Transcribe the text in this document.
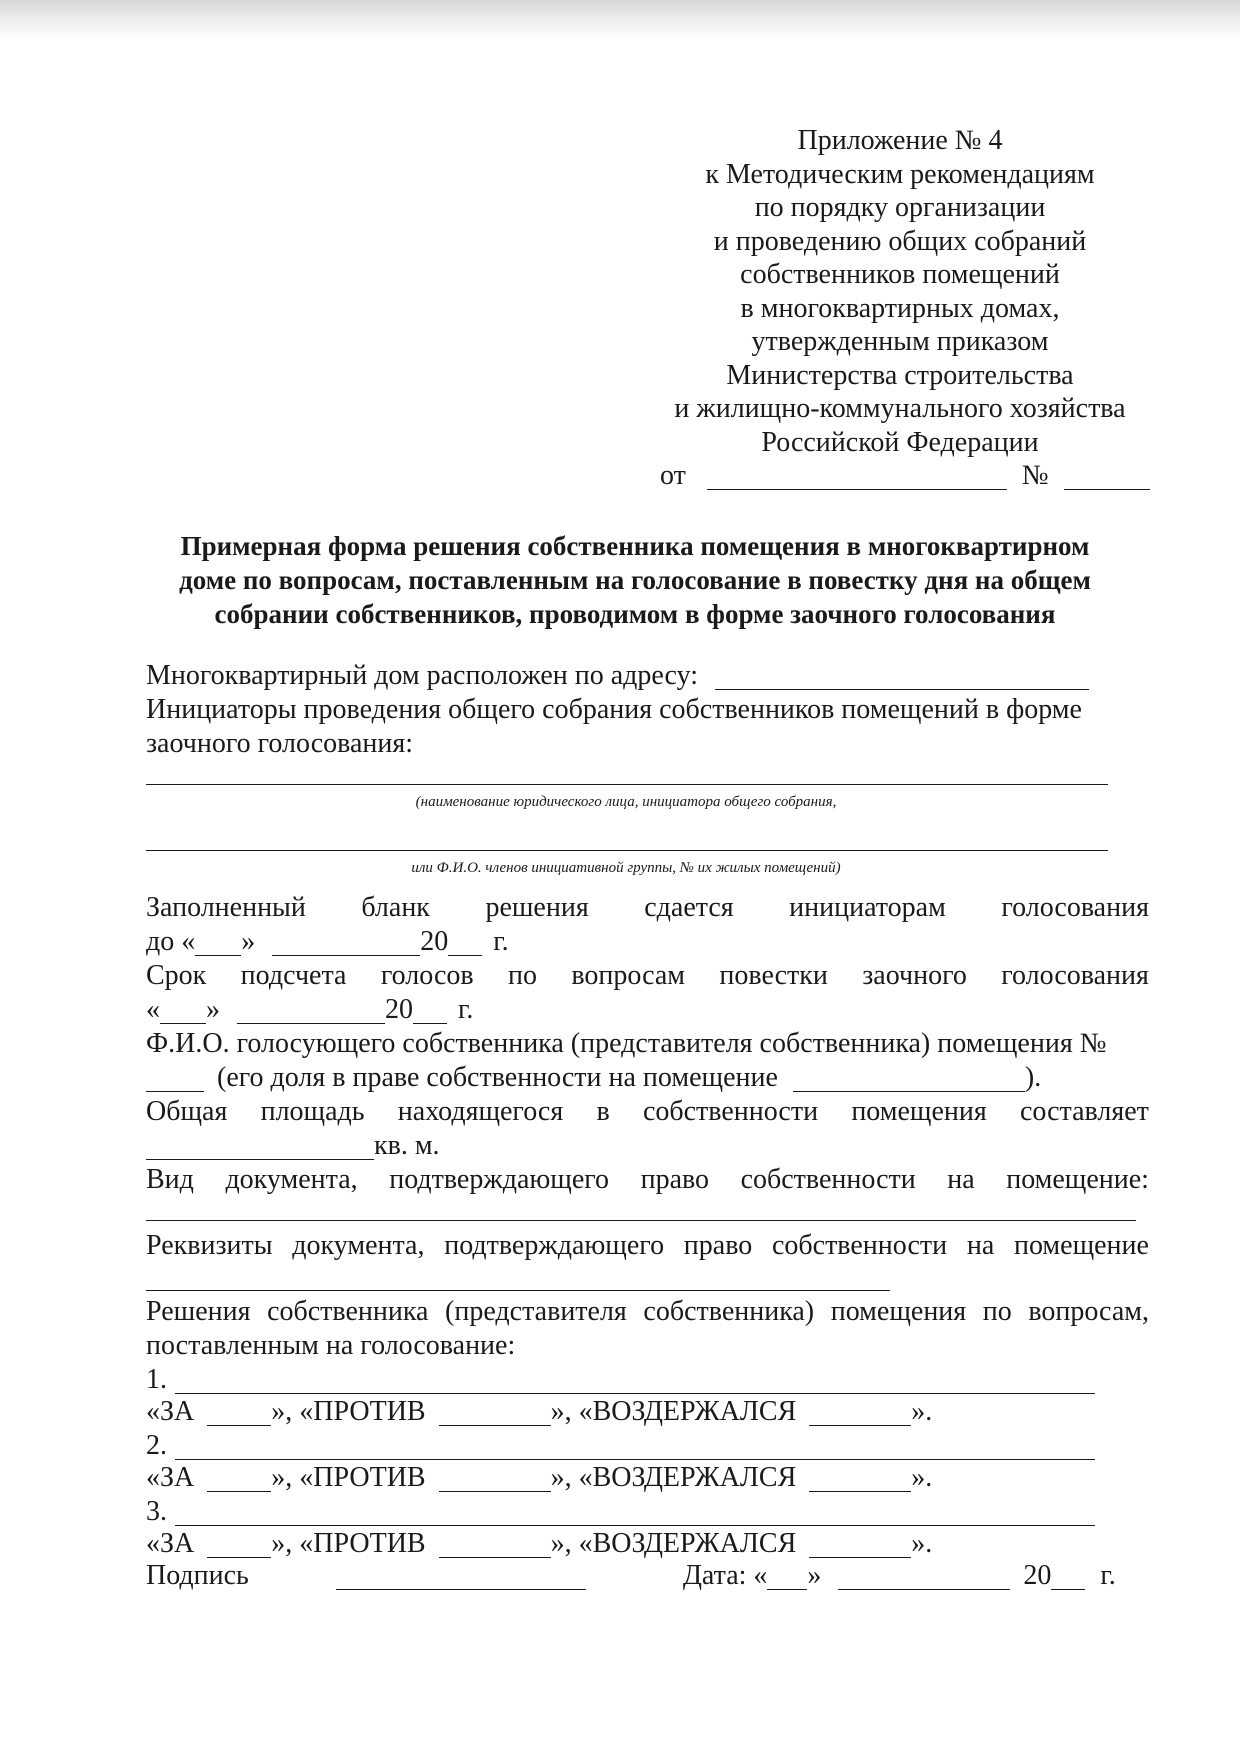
Приложение № 4
к Методическим рекомендациям
по порядку организации
и проведению общих собраний
собственников помещений
в многоквартирных домах,
утвержденным приказом
Министерства строительства
и жилищно-коммунального хозяйства
Российской Федерации
от	№
Примерная форма решения собственника помещения в многоквартирном
доме по вопросам, поставленным на голосование в повестку дня на общем
собрании собственников, проводимом в форме заочного голосования
Многоквартирный дом расположен по адресу:
Инициаторы проведения общего собрания собственников помещений в форме
заочного голосования:
(наименование юридического лица, инициатора общего собрания,
или Ф.И.О. членов инициативной группы, № их жилых помещений)
Заполненный бланк решения сдается инициаторам голосования
до « »	20 г.
Срок подсчета голосов по вопросам повестки заочного голосования
« »	20 г.
Ф.И.О. голосующего собственника (представителя собственника) помещения №
(его доля в праве собственности на помещение	).
Общая площадь находящегося в собственности помещения составляет
кв. м.
Вид документа, подтверждающего право собственности на помещение:
Реквизиты документа, подтверждающего право собственности на помещение
Решения собственника (представителя собственника) помещения по вопросам,
поставленным на голосование:
1.
«ЗА	», «ПРОТИВ	», «ВОЗДЕРЖАЛСЯ	».
2.
«ЗА	», «ПРОТИВ	», «ВОЗДЕРЖАЛСЯ	».
3.
«ЗА	», «ПРОТИВ	», «ВОЗДЕРЖАЛСЯ	».
Подпись	Дата: « »	20 г.
